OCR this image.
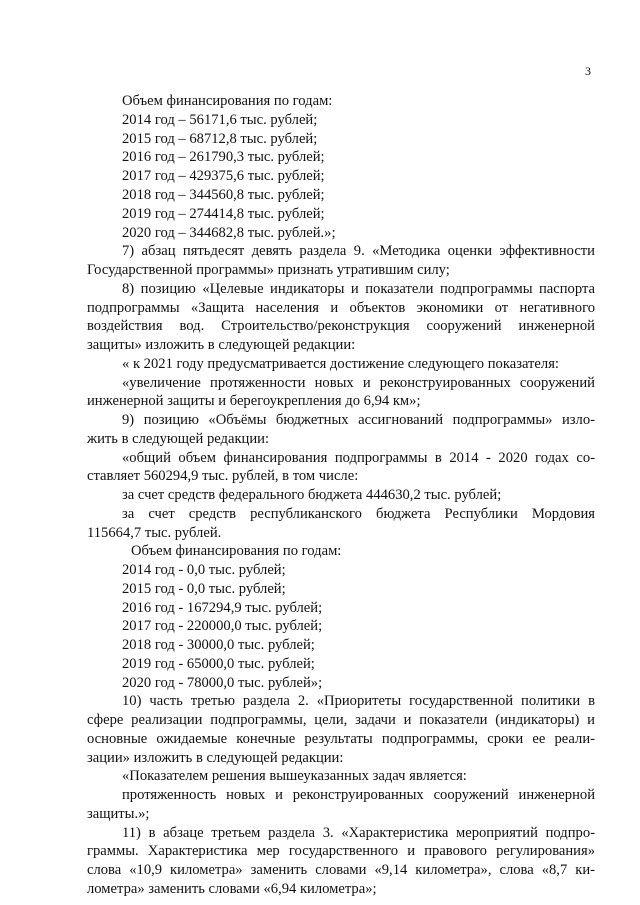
3
Объем финансирования по годам:
2014 год – 56171,6 тыс. рублей;
2015 год – 68712,8 тыс. рублей;
2016 год – 261790,3 тыс. рублей;
2017 год – 429375,6 тыс. рублей;
2018 год – 344560,8 тыс. рублей;
2019 год – 274414,8 тыс. рублей;
2020 год – 344682,8 тыс. рублей.»;
7) абзац пятьдесят девять раздела 9. «Методика оценки эффективности
Государственной программы» признать утратившим силу;
8) позицию «Целевые индикаторы и показатели подпрограммы паспорта
подпрограммы «Защита населения и объектов экономики от негативного
воздействия вод. Строительство/реконструкция сооружений инженерной
защиты» изложить в следующей редакции:
« к 2021 году предусматривается достижение следующего показателя:
«увеличение протяженности новых и реконструированных сооружений
инженерной защиты и берегоукрепления до 6,94 км»;
9) позицию «Объёмы бюджетных ассигнований подпрограммы» изло-
жить в следующей редакции:
«общий объем финансирования подпрограммы в 2014 - 2020 годах со-
ставляет 560294,9 тыс. рублей, в том числе:
за счет средств федерального бюджета 444630,2 тыс. рублей;
за счет средств республиканского бюджета Республики Мордовия
115664,7 тыс. рублей.
Объем финансирования по годам:
2014 год - 0,0 тыс. рублей;
2015 год - 0,0 тыс. рублей;
2016 год - 167294,9 тыс. рублей;
2017 год - 220000,0 тыс. рублей;
2018 год - 30000,0 тыс. рублей;
2019 год - 65000,0 тыс. рублей;
2020 год - 78000,0 тыс. рублей»;
10) часть третью раздела 2. «Приоритеты государственной политики в
сфере реализации подпрограммы, цели, задачи и показатели (индикаторы) и
основные ожидаемые конечные результаты подпрограммы, сроки ее реали-
зации» изложить в следующей редакции:
«Показателем решения вышеуказанных задач является:
протяженность новых и реконструированных сооружений инженерной
защиты.»;
11) в абзаце третьем раздела 3. «Характеристика мероприятий подпро-
граммы. Характеристика мер государственного и правового регулирования»
слова «10,9 километра» заменить словами «9,14 километра», слова «8,7 ки-
лометра» заменить словами «6,94 километра»;
